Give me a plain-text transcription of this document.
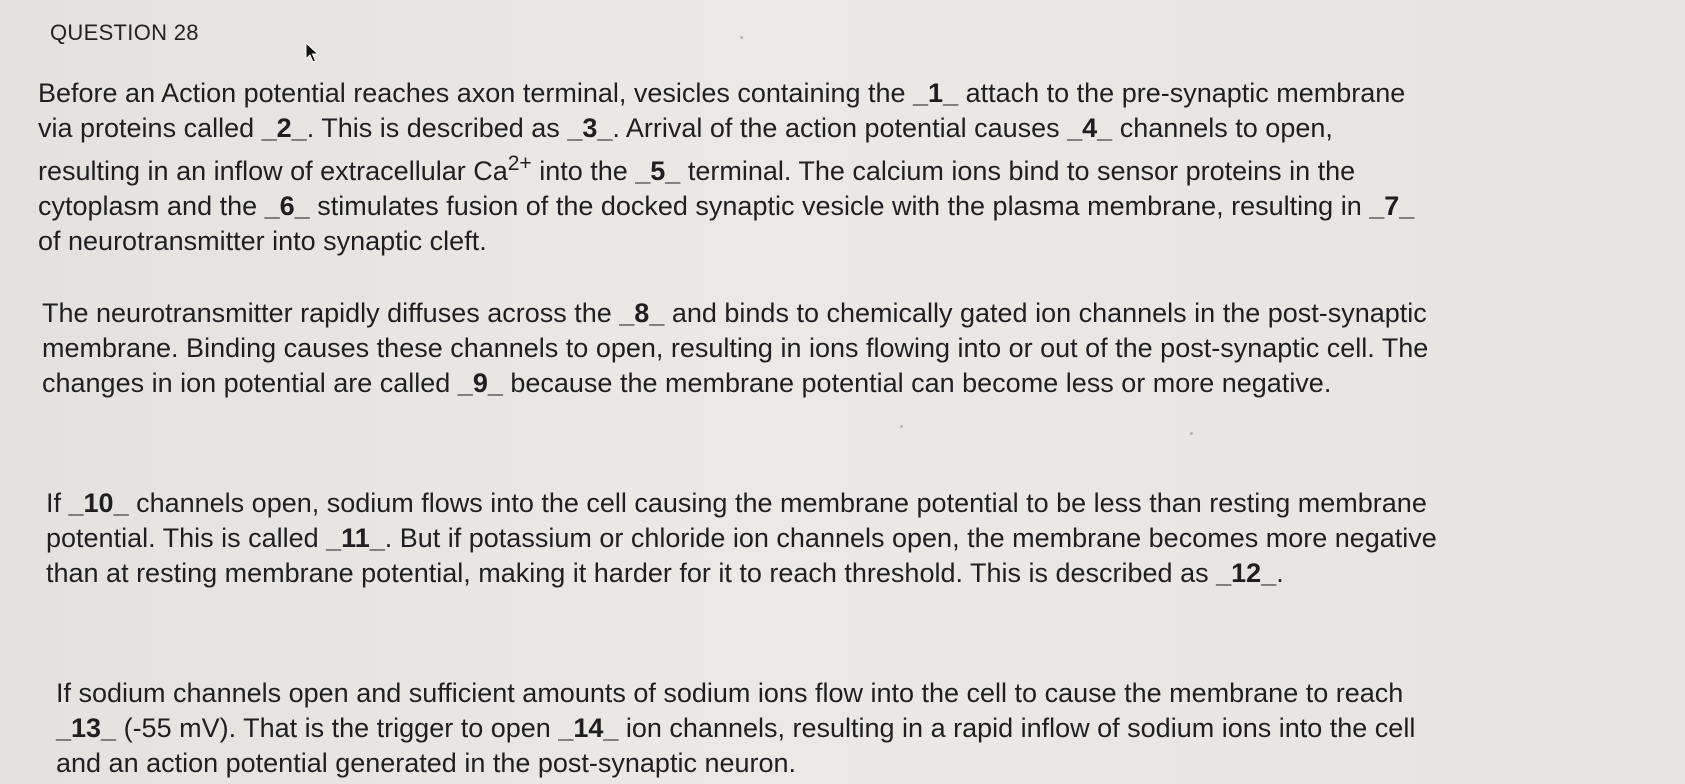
QUESTION 28
Before an Action potential reaches axon terminal, vesicles containing the _1_ attach to the pre-synaptic membrane
via proteins called _2_. This is described as _3_. Arrival of the action potential causes _4_ channels to open,
resulting in an inflow of extracellular $Ca^{2+}$ into the _5_ terminal. The calcium ions bind to sensor proteins in the
cytoplasm and the _6_ stimulates fusion of the docked synaptic vesicle with the plasma membrane, resulting in _7_
of neurotransmitter into synaptic cleft.
The neurotransmitter rapidly diffuses across the _8_ and binds to chemically gated ion channels in the post-synaptic
membrane. Binding causes these channels to open, resulting in ions flowing into or out of the post-synaptic cell. The
changes in ion potential are called _9_ because the membrane potential can become less or more negative.
If _10_ channels open, sodium flows into the cell causing the membrane potential to be less than resting membrane
potential. This is called _11_. But if potassium or chloride ion channels open, the membrane becomes more negative
than at resting membrane potential, making it harder for it to reach threshold. This is described as _12_.
If sodium channels open and sufficient amounts of sodium ions flow into the cell to cause the membrane to reach
_13_ (-55 mV). That is the trigger to open _14_ ion channels, resulting in a rapid inflow of sodium ions into the cell
and an action potential generated in the post-synaptic neuron.
